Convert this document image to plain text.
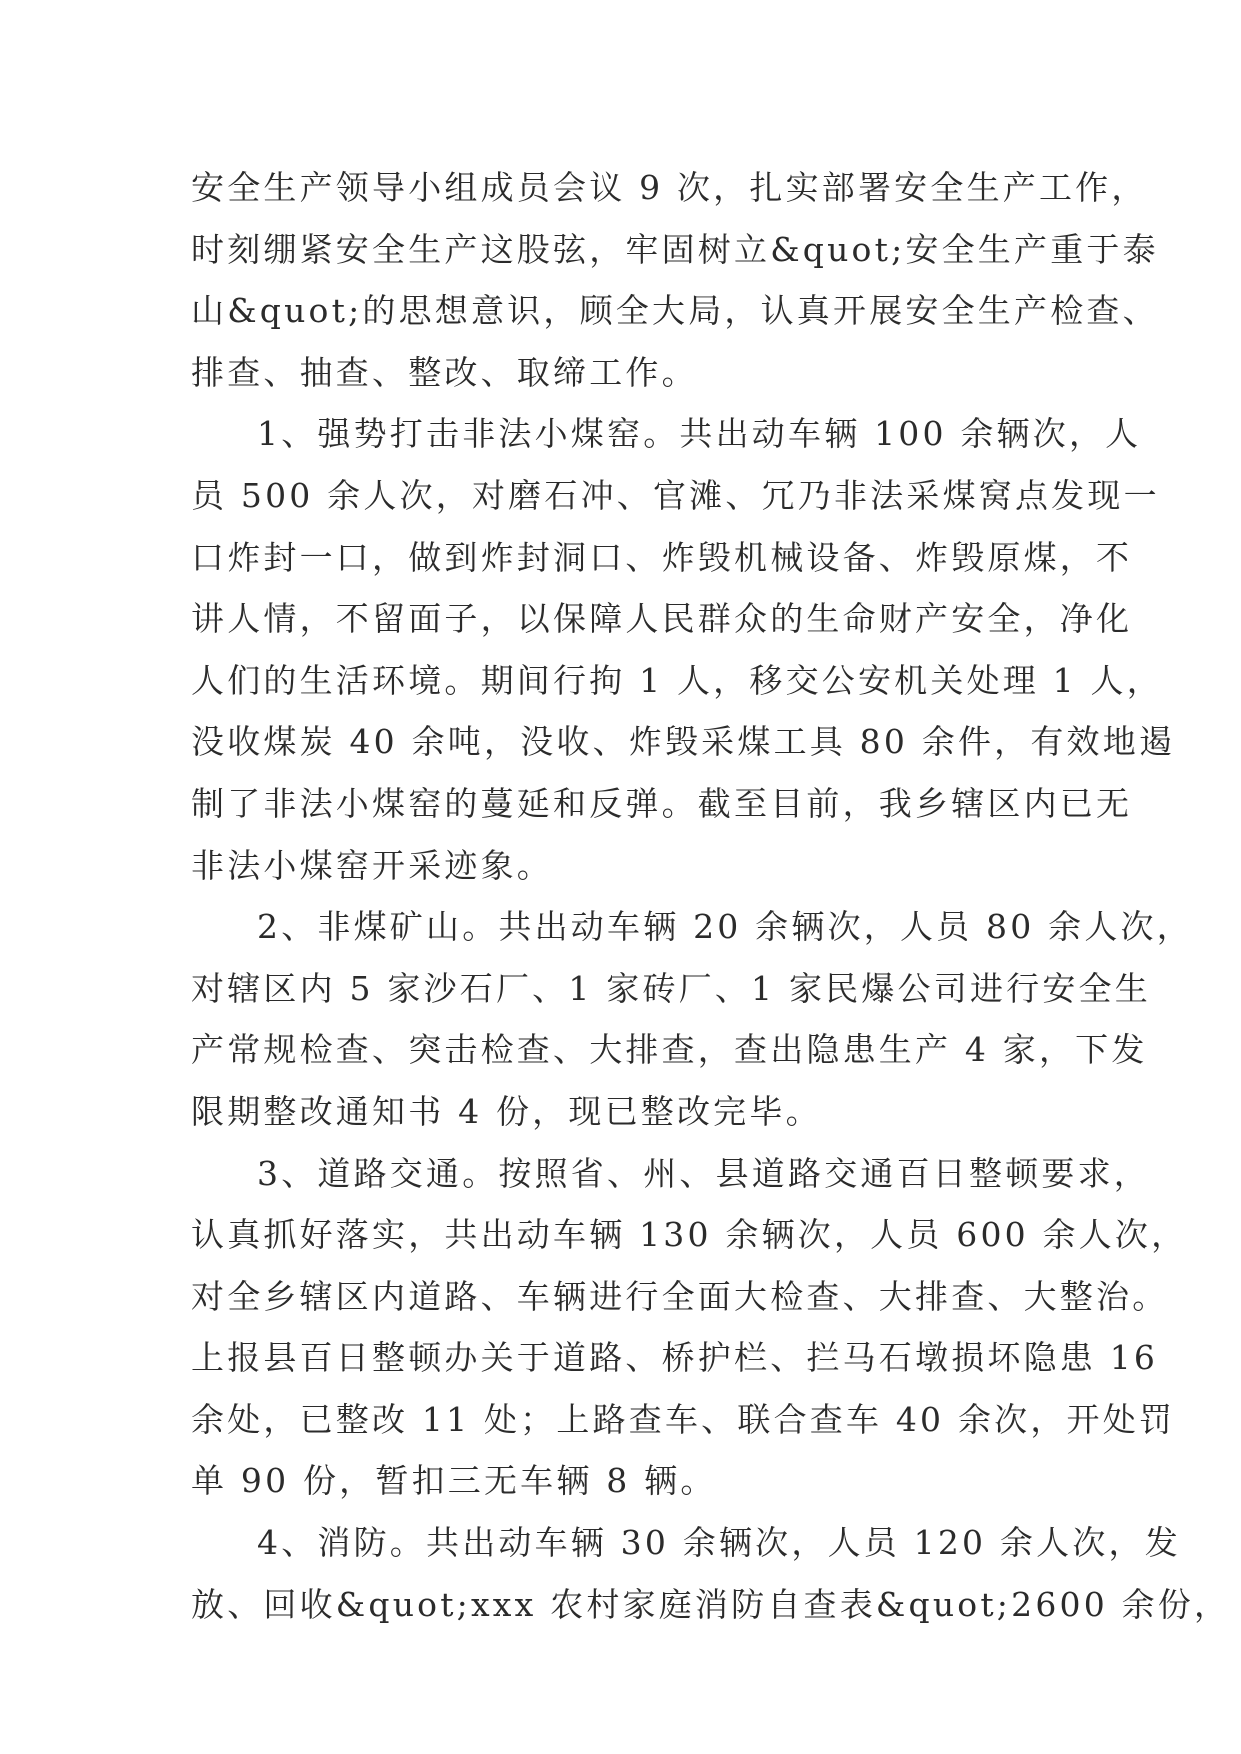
安全生产领导小组成员会议 9 次，扎实部署安全生产工作，
时刻绷紧安全生产这股弦，牢固树立&quot;安全生产重于泰
山&quot;的思想意识，顾全大局，认真开展安全生产检查、
排查、抽查、整改、取缔工作。
1、强势打击非法小煤窑。共出动车辆 100 余辆次，人
员 500 余人次，对磨石冲、官滩、冗乃非法采煤窝点发现一
口炸封一口，做到炸封洞口、炸毁机械设备、炸毁原煤，不
讲人情，不留面子，以保障人民群众的生命财产安全，净化
人们的生活环境。期间行拘 1 人，移交公安机关处理 1 人，
没收煤炭 40 余吨，没收、炸毁采煤工具 80 余件，有效地遏
制了非法小煤窑的蔓延和反弹。截至目前，我乡辖区内已无
非法小煤窑开采迹象。
2、非煤矿山。共出动车辆 20 余辆次，人员 80 余人次，
对辖区内 5 家沙石厂、1 家砖厂、1 家民爆公司进行安全生
产常规检查、突击检查、大排查，查出隐患生产 4 家，下发
限期整改通知书 4 份，现已整改完毕。
3、道路交通。按照省、州、县道路交通百日整顿要求，
认真抓好落实，共出动车辆 130 余辆次，人员 600 余人次，
对全乡辖区内道路、车辆进行全面大检查、大排查、大整治。
上报县百日整顿办关于道路、桥护栏、拦马石墩损坏隐患 16
余处，已整改 11 处；上路查车、联合查车 40 余次，开处罚
单 90 份，暂扣三无车辆 8 辆。
4、消防。共出动车辆 30 余辆次，人员 120 余人次，发
放、回收&quot;xxx 农村家庭消防自查表&quot;2600 余份，
